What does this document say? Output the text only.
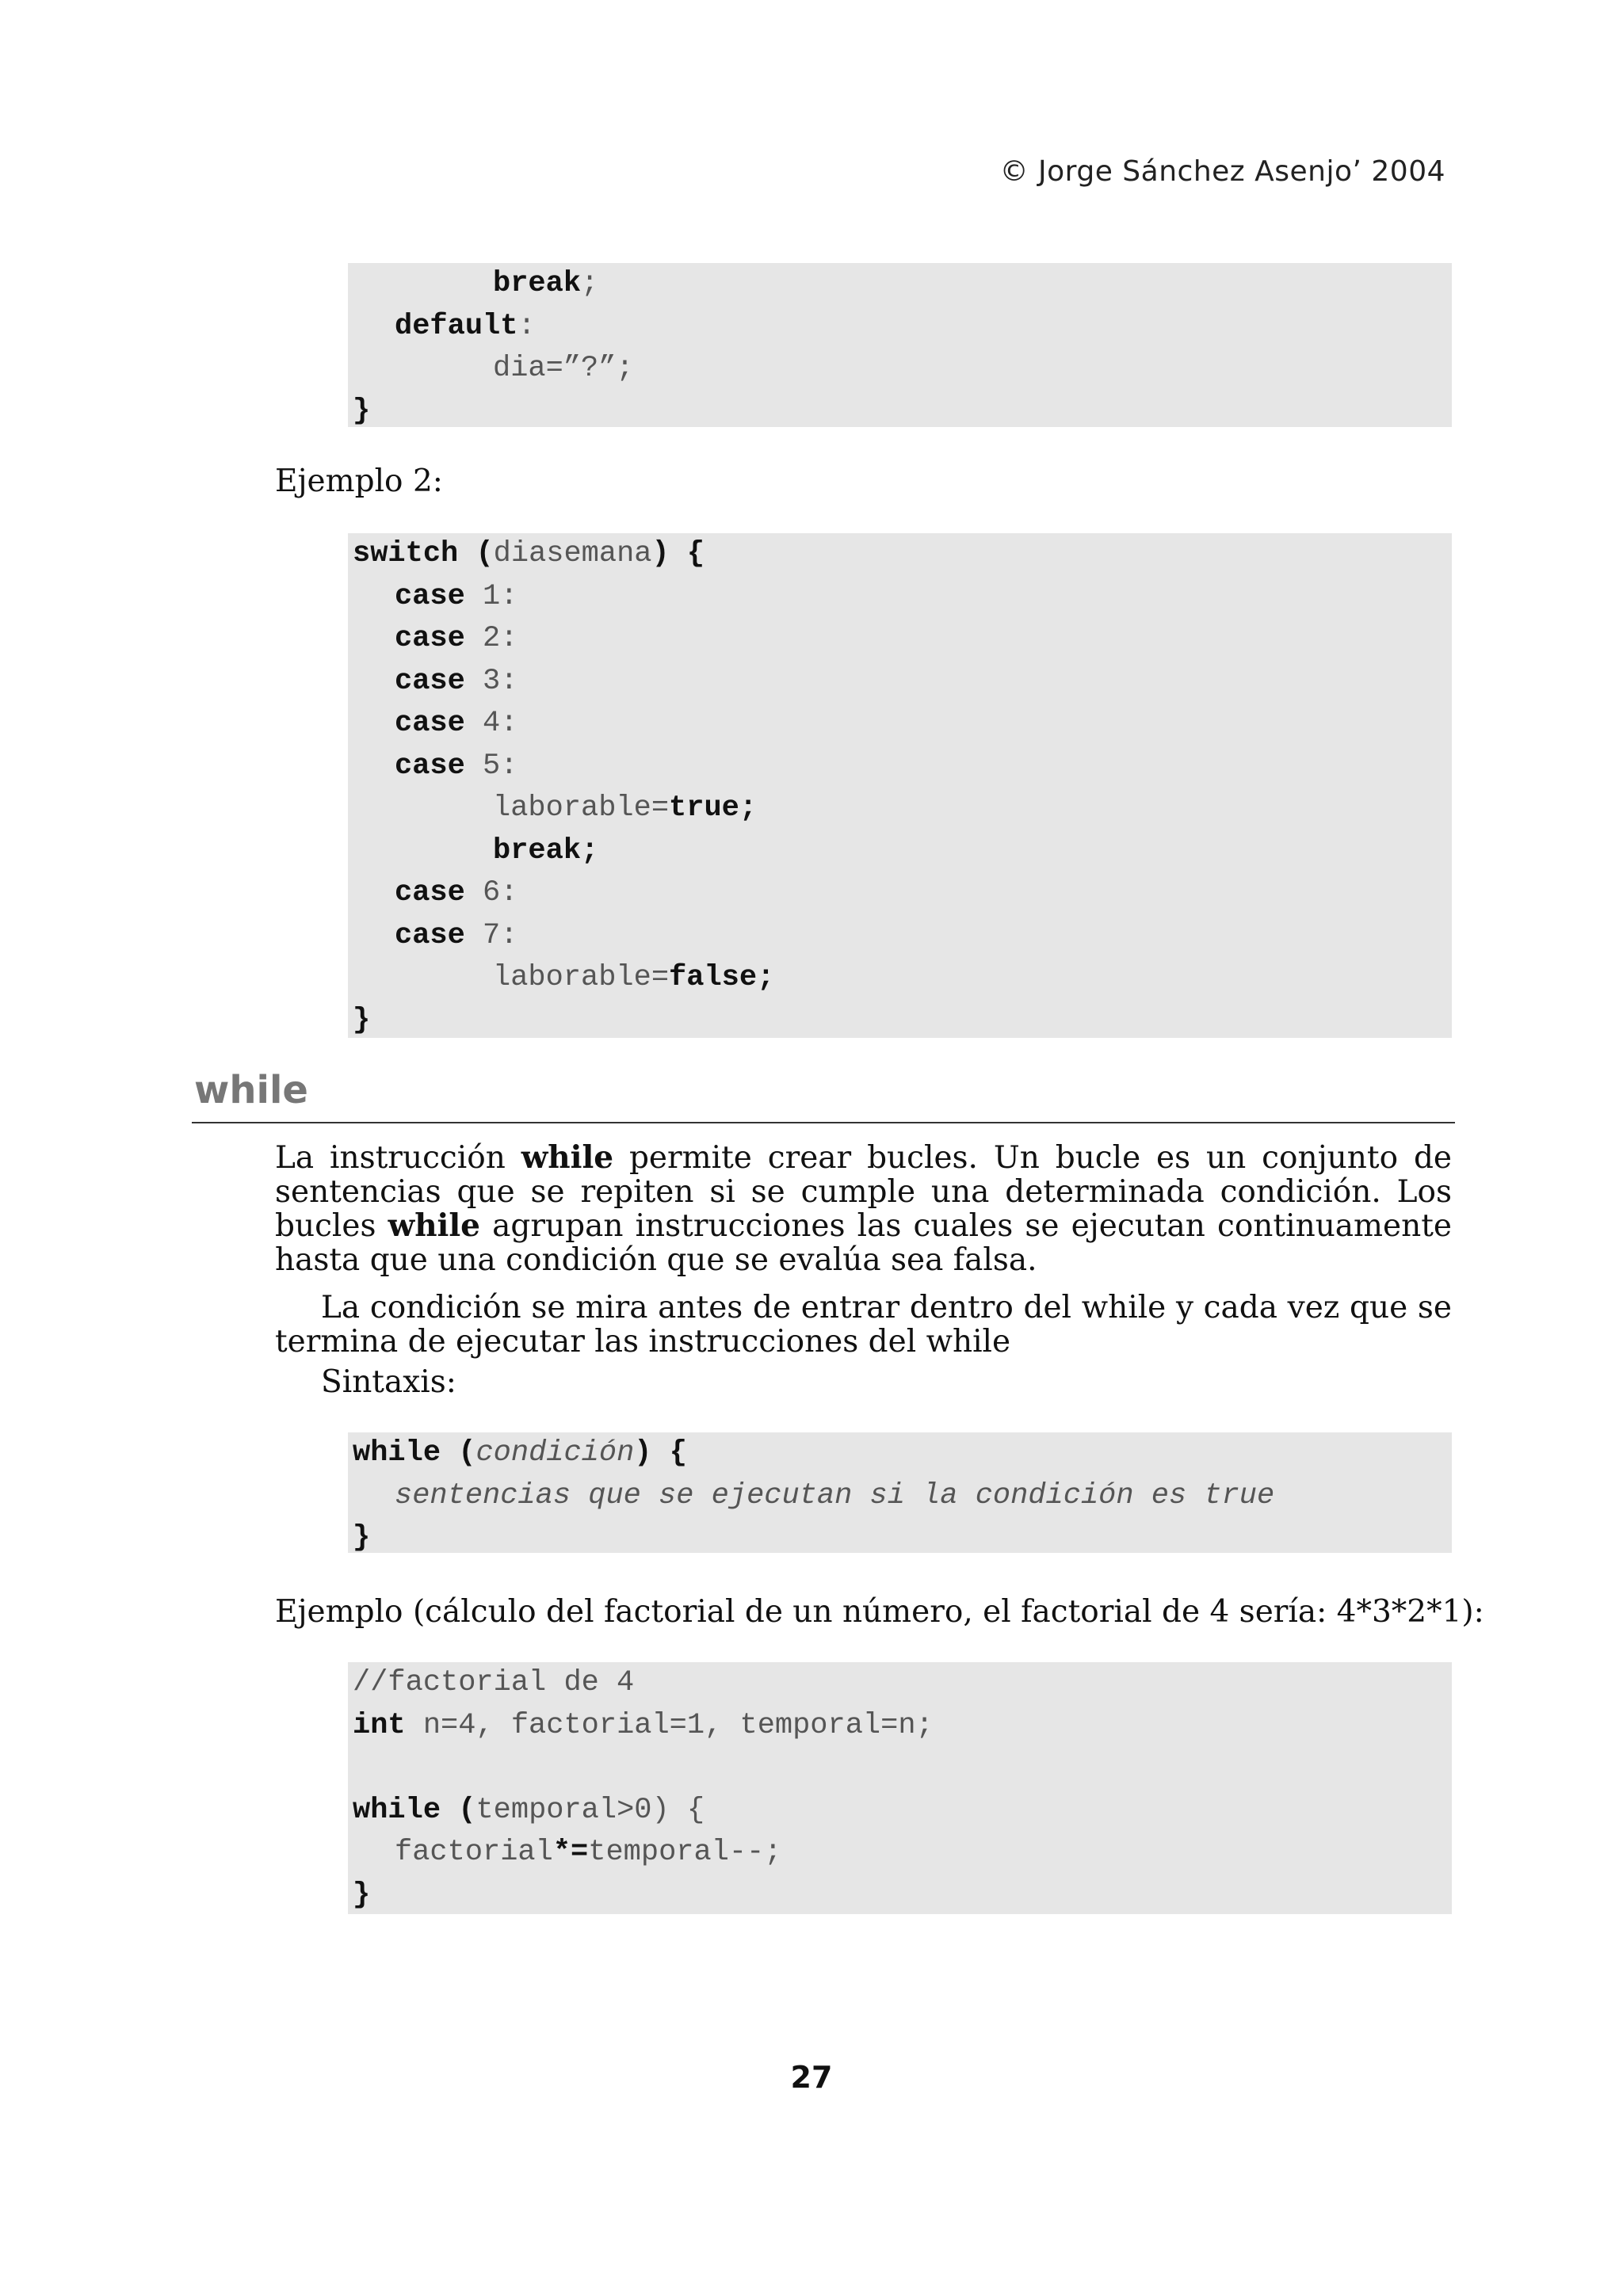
© Jorge Sánchez Asenjo’ 2004
break;
default:
dia=”?”;
}
Ejemplo 2:
switch (diasemana) {
case 1:
case 2:
case 3:
case 4:
case 5:
laborable=true;
break;
case 6:
case 7:
laborable=false;
}
while
La instrucción while permite crear bucles. Un bucle es un conjunto de sentencias que se repiten si se cumple una determinada condición. Los bucles while agrupan instrucciones las cuales se ejecutan continuamente hasta que una condición que se evalúa sea falsa.
La condición se mira antes de entrar dentro del while y cada vez que se termina de ejecutar las instrucciones del while
Sintaxis:
while (condición) {
sentencias que se ejecutan si la condición es true
}
Ejemplo (cálculo del factorial de un número, el factorial de 4 sería: 4*3*2*1):
//factorial de 4
int n=4, factorial=1, temporal=n;
while (temporal>0) {
factorial*=temporal--;
}
27
